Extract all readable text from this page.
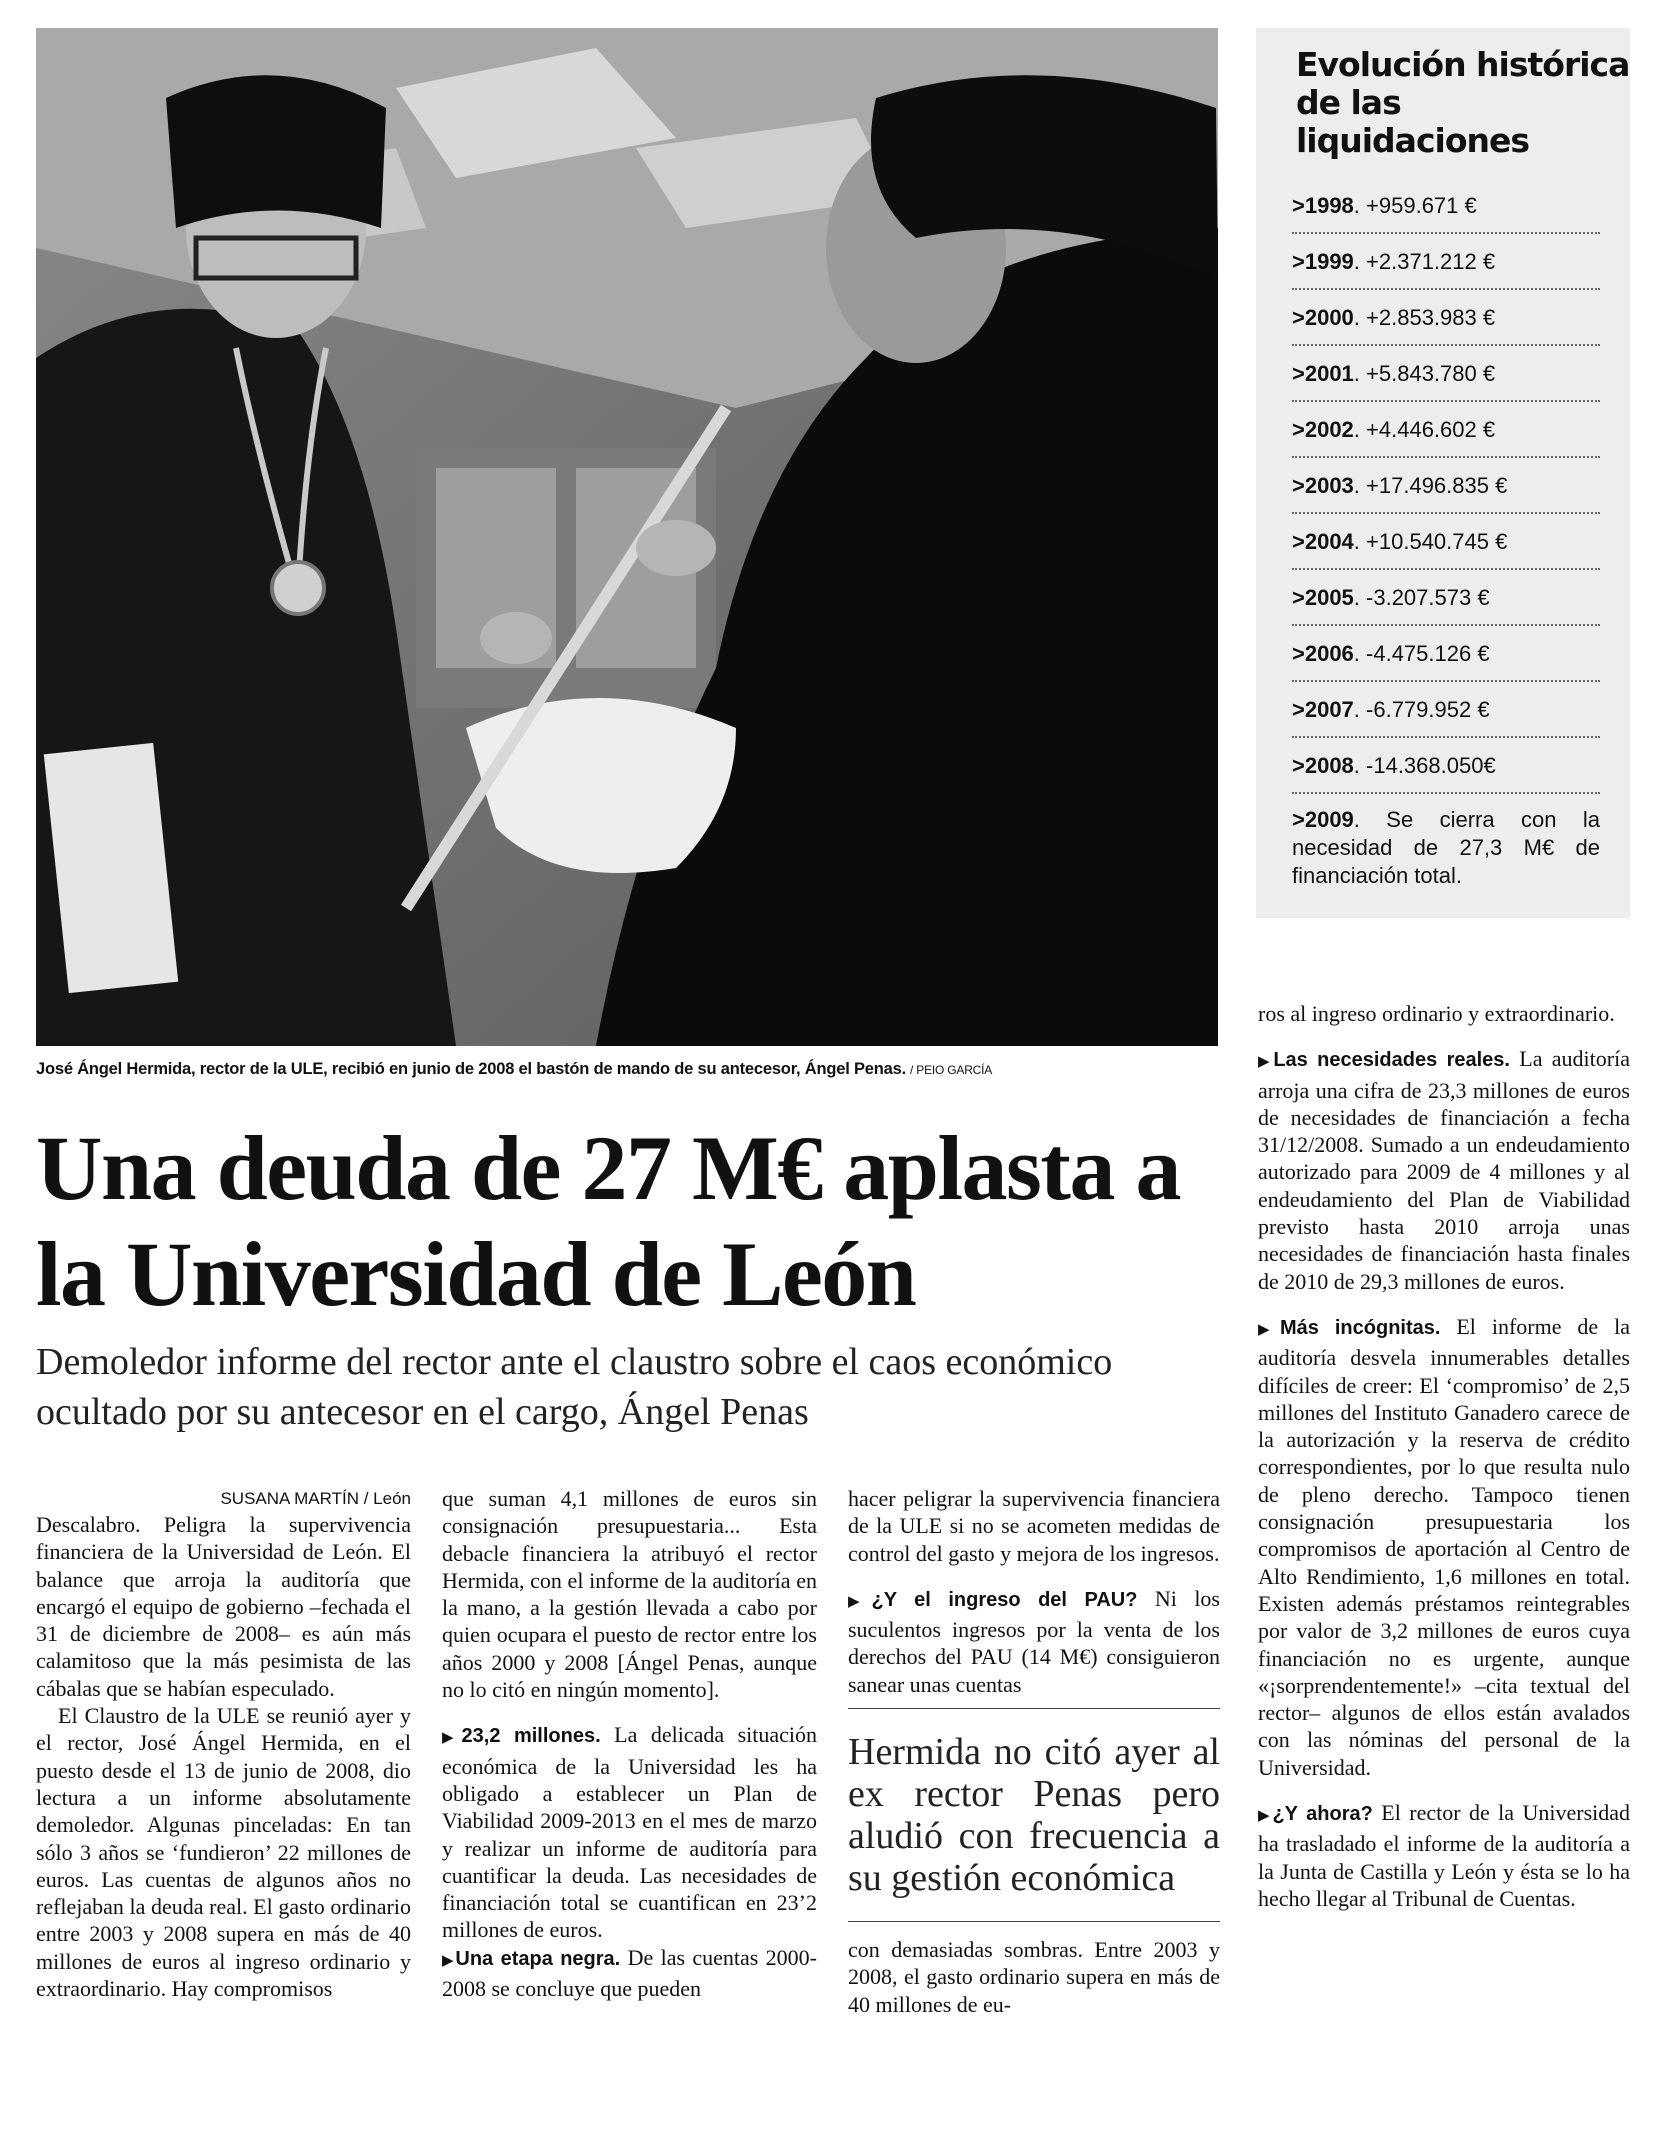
José Ángel Hermida, rector de la ULE, recibió en junio de 2008 el bastón de mando de su antecesor, Ángel Penas. / PEIO GARCÍA
Evolución histórica
de las liquidaciones
>1998. +959.671 €
>1999. +2.371.212 €
>2000. +2.853.983 €
>2001. +5.843.780 €
>2002. +4.446.602 €
>2003. +17.496.835 €
>2004. +10.540.745 €
>2005. -3.207.573 €
>2006. -4.475.126 €
>2007. -6.779.952 €
>2008. -14.368.050€
>2009. Se cierra con la necesidad de 27,3 M€ de financiación total.
Una deuda de 27 M€ aplasta a la Universidad de León

Demoledor informe del rector ante el claustro sobre el caos económico ocultado por su antecesor en el cargo, Ángel Penas

SUSANA MARTÍN / León

Descalabro. Peligra la supervivencia financiera de la Universidad de León. El balance que arroja la auditoría que encargó el equipo de gobierno –fechada el 31 de diciembre de 2008– es aún más calamitoso que la más pesimista de las cábalas que se habían especulado.

El Claustro de la ULE se reunió ayer y el rector, José Ángel Hermida, en el puesto desde el 13 de junio de 2008, dio lectura a un informe absolutamente demoledor. Algunas pinceladas: En tan sólo 3 años se ‘fundieron’ 22 millones de euros. Las cuentas de algunos años no reflejaban la deuda real. El gasto ordinario entre 2003 y 2008 supera en más de 40 millones de euros al ingreso ordinario y extraordinario. Hay compromisos

que suman 4,1 millones de euros sin consignación presupuestaria... Esta debacle financiera la atribuyó el rector Hermida, con el informe de la auditoría en la mano, a la gestión llevada a cabo por quien ocupara el puesto de rector entre los años 2000 y 2008 [Ángel Penas, aunque no lo citó en ningún momento].

▶23,2 millones. La delicada situación económica de la Universidad les ha obligado a establecer un Plan de Viabilidad 2009-2013 en el mes de marzo y realizar un informe de auditoría para cuantificar la deuda. Las necesidades de financiación total se cuantifican en 23’2 millones de euros.

▶Una etapa negra. De las cuentas 2000-2008 se concluye que pueden

hacer peligrar la supervivencia financiera de la ULE si no se acometen medidas de control del gasto y mejora de los ingresos.

▶¿Y el ingreso del PAU? Ni los suculentos ingresos por la venta de los derechos del PAU (14 M€) consiguieron sanear unas cuentas

Hermida no citó ayer al ex rector Penas pero aludió con frecuencia a su gestión económica

con demasiadas sombras. Entre 2003 y 2008, el gasto ordinario supera en más de 40 millones de eu-

ros al ingreso ordinario y extraordinario.

▶Las necesidades reales. La auditoría arroja una cifra de 23,3 millones de euros de necesidades de financiación a fecha 31/12/2008. Sumado a un endeudamiento autorizado para 2009 de 4 millones y al endeudamiento del Plan de Viabilidad previsto hasta 2010 arroja unas necesidades de financiación hasta finales de 2010 de 29,3 millones de euros.

▶Más incógnitas. El informe de la auditoría desvela innumerables detalles difíciles de creer: El ‘compromiso’ de 2,5 millones del Instituto Ganadero carece de la autorización y la reserva de crédito correspondientes, por lo que resulta nulo de pleno derecho. Tampoco tienen consignación presupuestaria los compromisos de aportación al Centro de Alto Rendimiento, 1,6 millones en total. Existen además préstamos reintegrables por valor de 3,2 millones de euros cuya financiación no es urgente, aunque «¡sorprendentemente!» –cita textual del rector– algunos de ellos están avalados con las nóminas del personal de la Universidad.

▶¿Y ahora? El rector de la Universidad ha trasladado el informe de la auditoría a la Junta de Castilla y León y ésta se lo ha hecho llegar al Tribunal de Cuentas.
